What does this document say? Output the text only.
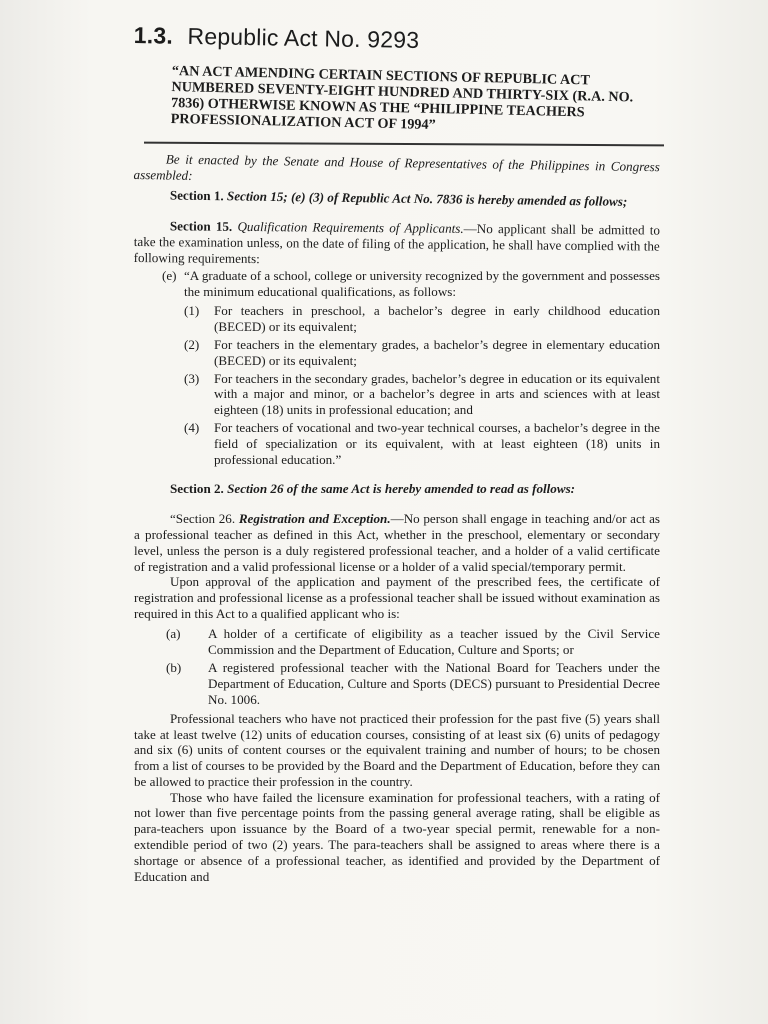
1.3. Republic Act No. 9293
“AN ACT AMENDING CERTAIN SECTIONS OF REPUBLIC ACT NUMBERED SEVENTY-EIGHT HUNDRED AND THIRTY-SIX (R.A. NO. 7836) OTHERWISE KNOWN AS THE “PHILIPPINE TEACHERS PROFESSIONALIZATION ACT OF 1994”

Be it enacted by the Senate and House of Representatives of the Philippines in Congress assembled:

Section 1. Section 15; (e) (3) of Republic Act No. 7836 is hereby amended as follows;

Section 15. Qualification Requirements of Applicants.—No applicant shall be admitted to take the examination unless, on the date of filing of the application, he shall have complied with the following requirements:

(e) “A graduate of a school, college or university recognized by the government and possesses the minimum educational qualifications, as follows:
(1)	For teachers in preschool, a bachelor’s degree in early childhood education (BECED) or its equivalent;
(2)	For teachers in the elementary grades, a bachelor’s degree in elementary education (BECED) or its equivalent;
(3)	For teachers in the secondary grades, bachelor’s degree in education or its equivalent with a major and minor, or a bachelor’s degree in arts and sciences with at least eighteen (18) units in professional education; and
(4)	For teachers of vocational and two-year technical courses, a bachelor’s degree in the field of specialization or its equivalent, with at least eighteen (18) units in professional education.”

Section 2. Section 26 of the same Act is hereby amended to read as follows:

“Section 26. Registration and Exception.—No person shall engage in teaching and/or act as a professional teacher as defined in this Act, whether in the preschool, elementary or secondary level, unless the person is a duly registered professional teacher, and a holder of a valid certificate of registration and a valid professional license or a holder of a valid special/temporary permit.

Upon approval of the application and payment of the prescribed fees, the certificate of registration and professional license as a professional teacher shall be issued without examination as required in this Act to a qualified applicant who is:

(a)	A holder of a certificate of eligibility as a teacher issued by the Civil Service Commission and the Department of Education, Culture and Sports; or
(b)	A registered professional teacher with the National Board for Teachers under the Department of Education, Culture and Sports (DECS) pursuant to Presidential Decree No. 1006.

Professional teachers who have not practiced their profession for the past five (5) years shall take at least twelve (12) units of education courses, consisting of at least six (6) units of pedagogy and six (6) units of content courses or the equivalent training and number of hours; to be chosen from a list of courses to be provided by the Board and the Department of Education, before they can be allowed to practice their profession in the country.

Those who have failed the licensure examination for professional teachers, with a rating of not lower than five percentage points from the passing general average rating, shall be eligible as para-teachers upon issuance by the Board of a two-year special permit, renewable for a non-extendible period of two (2) years. The para-teachers shall be assigned to areas where there is a shortage or absence of a professional teacher, as identified and provided by the Department of Education and
